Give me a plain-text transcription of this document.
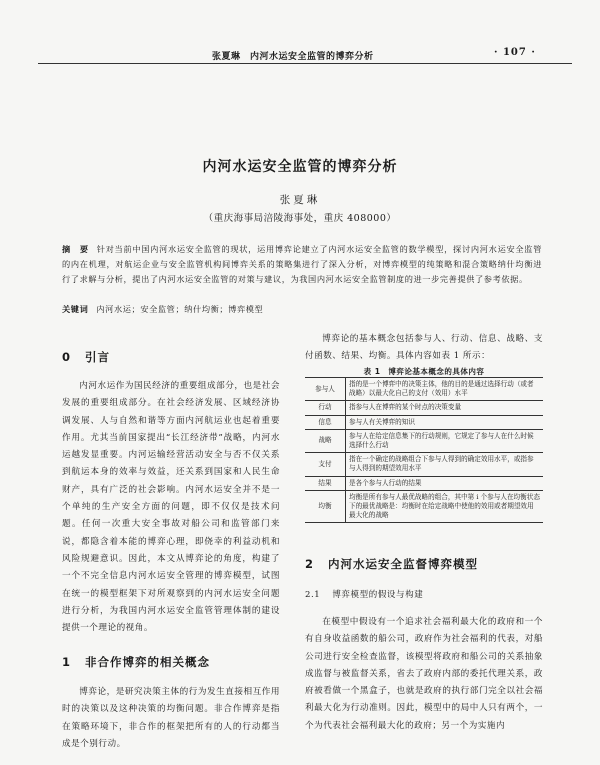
张夏琳　内河水运安全监管的博弈分析	· 107 ·
内河水运安全监管的博弈分析
张夏琳
（重庆海事局涪陵海事处，重庆 408000）
摘　要 针对当前中国内河水运安全监管的现状，运用博弈论建立了内河水运安全监管的数学模型，探讨内河水运安全监管的内在机理，对航运企业与安全监管机构间博弈关系的策略集进行了深入分析，对博弈模型的纯策略和混合策略纳什均衡进行了求解与分析，提出了内河水运安全监管的对策与建议，为我国内河水运安全监管制度的进一步完善提供了参考依据。
关键词 内河水运；安全监管；纳什均衡；博弈模型
0 引言
内河水运作为国民经济的重要组成部分，也是社会发展的重要组成部分。在社会经济发展、区域经济协调发展、人与自然和谐等方面内河航运业也起着重要作用。尤其当前国家提出“长江经济带”战略，内河水运越发显重要。内河运输经营活动安全与否不仅关系到航运本身的效率与效益，还关系到国家和人民生命财产，具有广泛的社会影响。内河水运安全并不是一个单纯的生产安全方面的问题，即不仅仅是技术问题。任何一次重大安全事故对船公司和监管部门来说，都隐含着本能的博弈心理，即侥幸的利益动机和风险规避意识。因此，本文从博弈论的角度，构建了一个不完全信息内河水运安全管理的博弈模型，试图在统一的模型框架下对所观察到的内河水运安全问题进行分析，为我国内河水运安全监管管理体制的建设提供一个理论的视角。
1 非合作博弈的相关概念
博弈论，是研究决策主体的行为发生直接相互作用时的决策以及这种决策的均衡问题。非合作博弈是指在策略环境下，非合作的框架把所有的人的行动都当成是个别行动。
博弈论的基本概念包括参与人、行动、信息、战略、支付函数、结果、均衡。具体内容如表 1 所示：
表 1　博弈论基本概念的具体内容
参与人	指的是一个博弈中的决策主体，他的目的是通过选择行动（或者战略）以最大化自己的支付（效用）水平
行动	指参与人在博弈的某个时点的决策变量
信息	参与人有关博弈的知识
战略	参与人在给定信息集下的行动规则，它规定了参与人在什么时候选择什么行动
支付	指在一个确定的战略组合下参与人得到的确定效用水平，或指参与人得到的期望效用水平
结果	是各个参与人行动的结果
均衡	均衡是所有参与人最优战略的组合，其中第 i 个参与人在均衡状态下的最优战略是：均衡时在给定战略中使他的效用或者期望效用最大化的战略
2 内河水运安全监督博弈模型
2.1 博弈模型的假设与构建
在模型中假设有一个追求社会福利最大化的政府和一个有自身收益函数的船公司，政府作为社会福利的代表，对船公司进行安全检查监督，该模型将政府和船公司的关系抽象成监督与被监督关系，省去了政府内部的委托代理关系，政府被看做一个黑盒子，也就是政府的执行部门完全以社会福利最大化为行动准则。因此，模型中的局中人只有两个，一个为代表社会福利最大化的政府；另一个为实施内
